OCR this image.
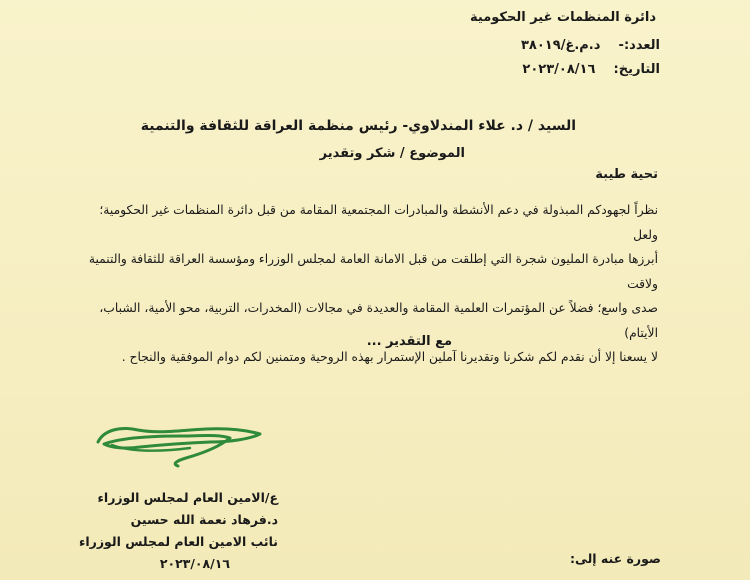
دائرة المنظمات غير الحكومية
العدد:- د.م.غ/٣٨٠١٩
التاريخ: ٢٠٢٣/٠٨/١٦
السيد / د. علاء المندلاوي- رئيس منظمة العراقة للثقافة والتنمية
الموضوع / شكر وتقدير
تحية طيبة
نظراً لجهودكم المبذولة في دعم الأنشطة والمبادرات المجتمعية المقامة من قبل دائرة المنظمات غير الحكومية؛ ولعل
أبرزها مبادرة المليون شجرة التي إطلقت من قبل الامانة العامة لمجلس الوزراء ومؤسسة العراقة للثقافة والتنمية ولاقت
صدى واسع؛ فضلاً عن المؤتمرات العلمية المقامة والعديدة في مجالات (المخدرات، التربية، محو الأمية، الشباب، الأيتام)
لا يسعنا إلا أن نقدم لكم شكرنا وتقديرنا آملين الإستمرار بهذه الروحية ومتمنين لكم دوام الموفقية والنجاح .
مع التقدير ...
ع/الامين العام لمجلس الوزراء
د.فرهاد نعمة الله حسين
نائب الامين العام لمجلس الوزراء
٢٠٢٣/٠٨/١٦	صورة عنه إلى:
